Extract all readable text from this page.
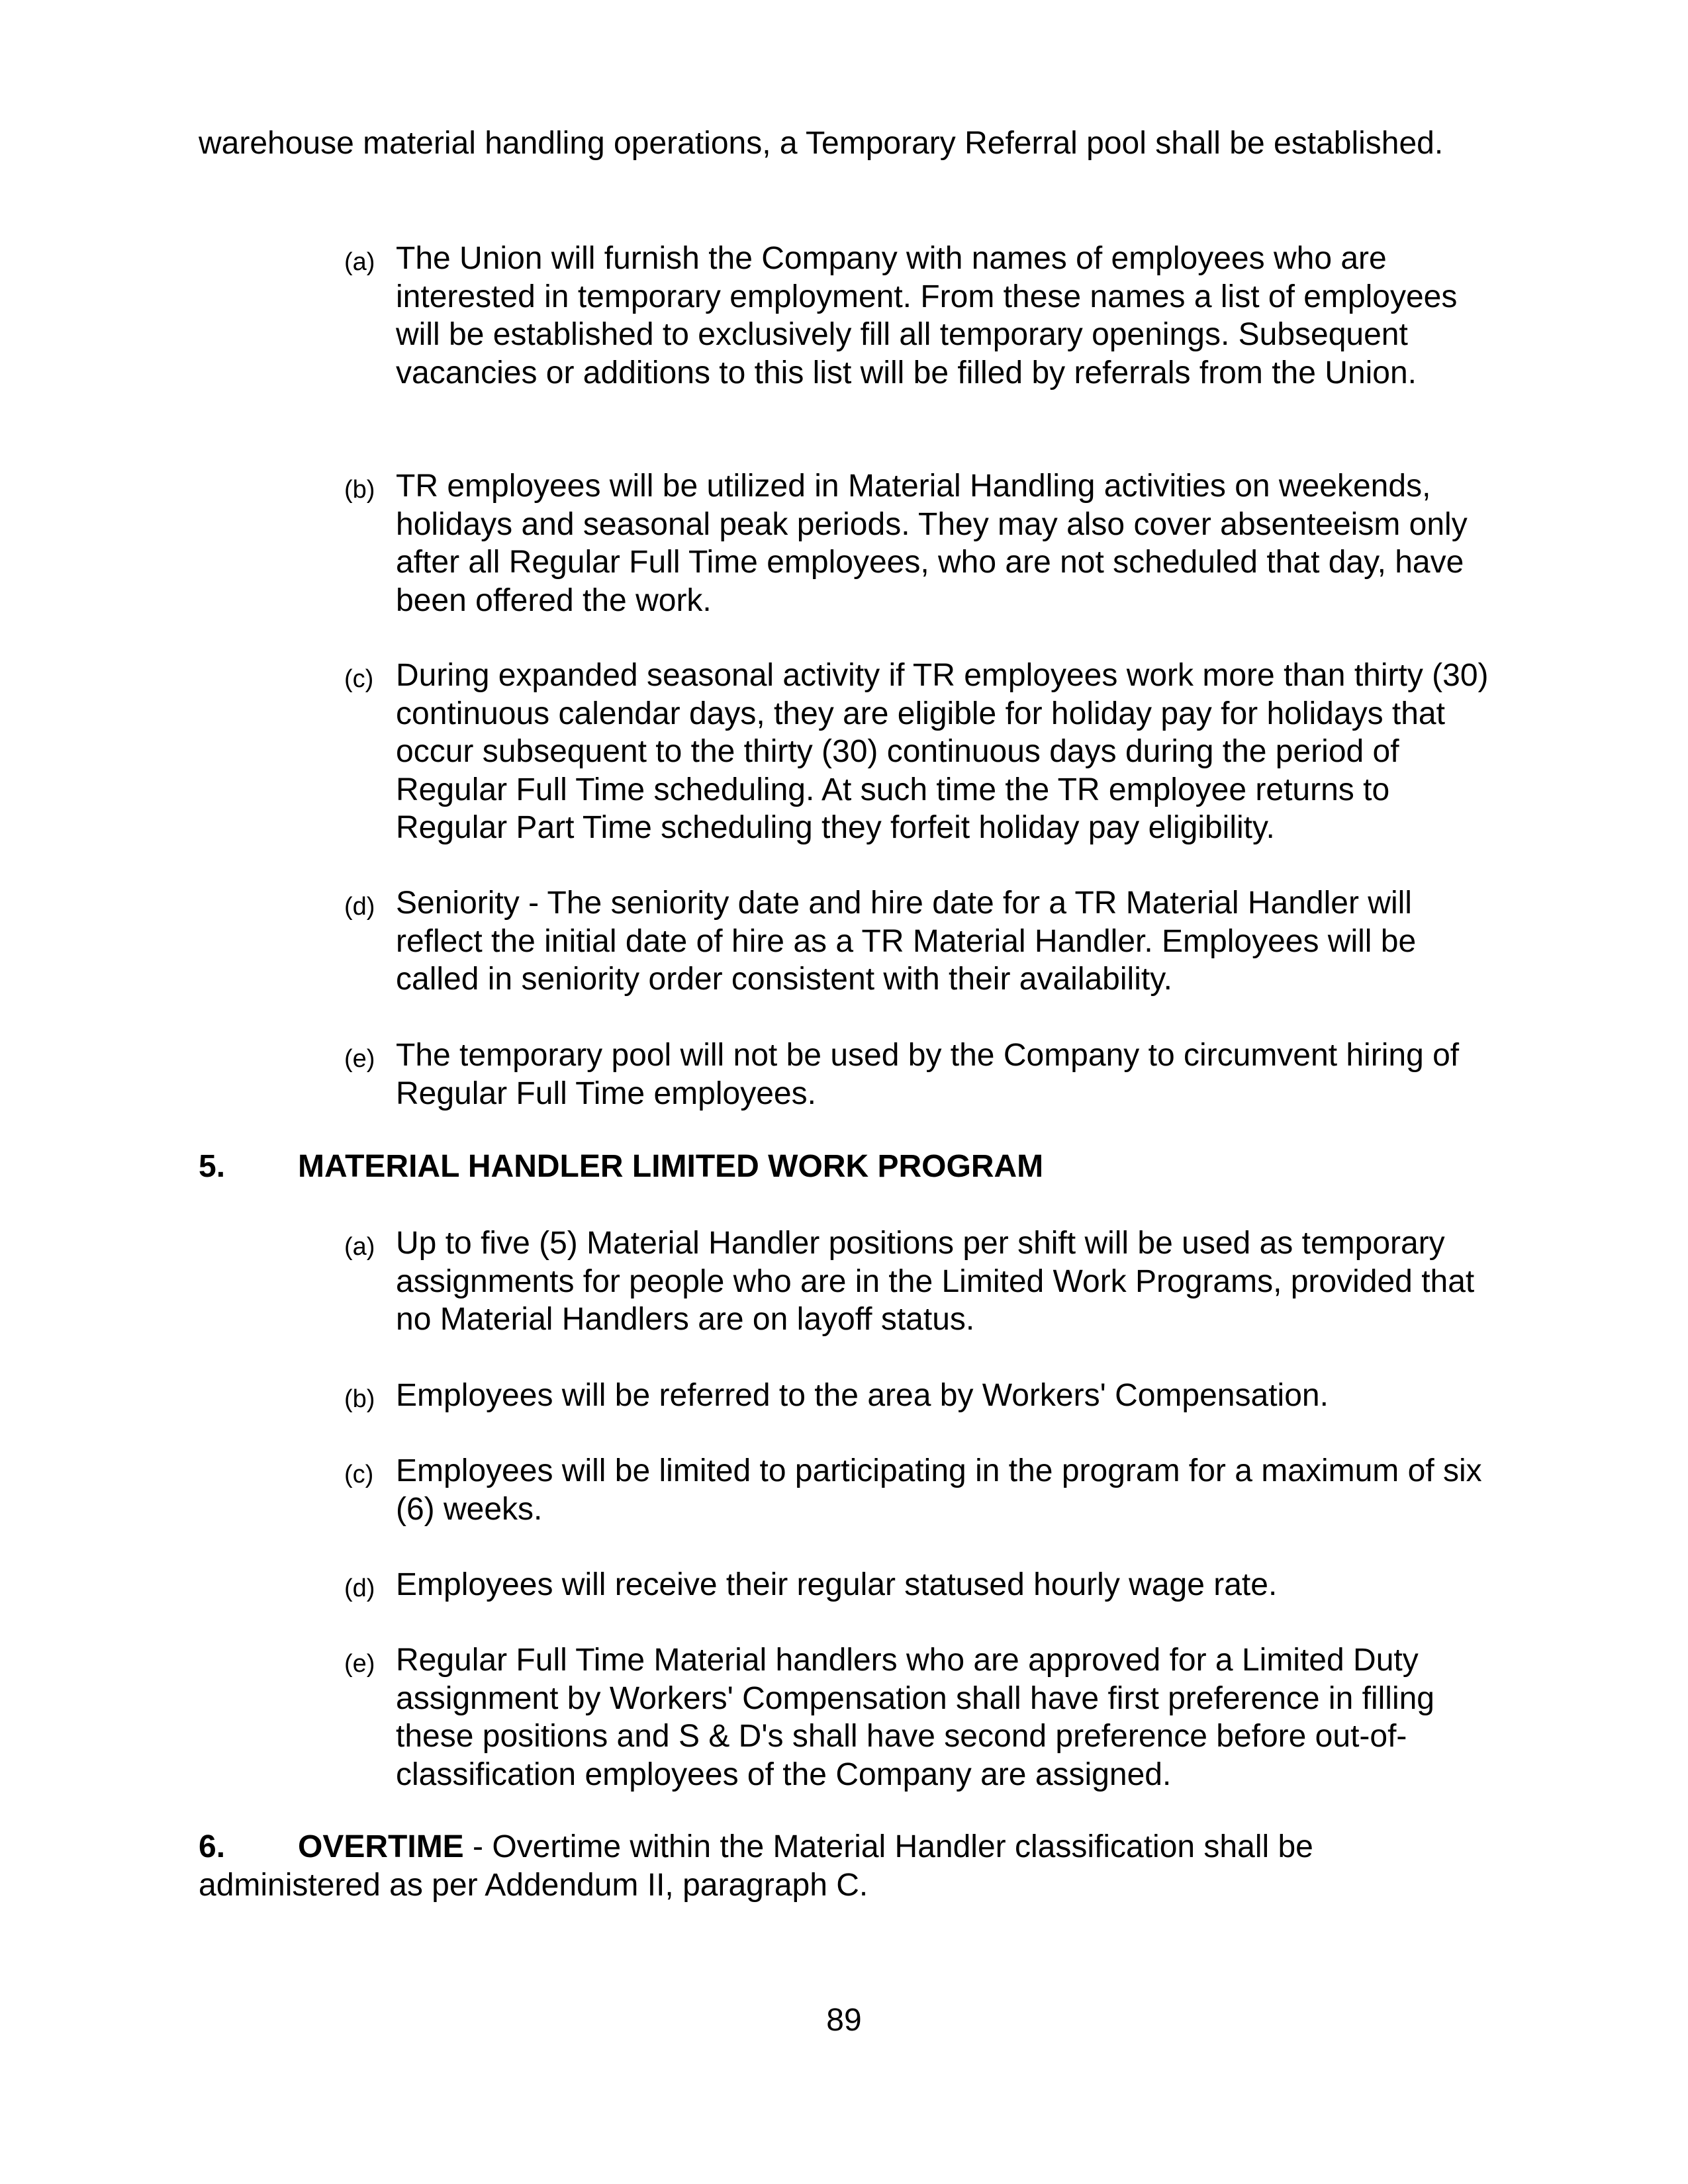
warehouse material handling operations, a Temporary Referral pool shall be established.
(a) The Union will furnish the Company with names of employees who are interested in temporary employment. From these names a list of employees will be established to exclusively fill all temporary openings. Subsequent vacancies or additions to this list will be filled by referrals from the Union.
(b) TR employees will be utilized in Material Handling activities on weekends, holidays and seasonal peak periods. They may also cover absenteeism only after all Regular Full Time employees, who are not scheduled that day, have been offered the work.
(c) During expanded seasonal activity if TR employees work more than thirty (30) continuous calendar days, they are eligible for holiday pay for holidays that occur subsequent to the thirty (30) continuous days during the period of Regular Full Time scheduling. At such time the TR employee returns to Regular Part Time scheduling they forfeit holiday pay eligibility.
(d) Seniority - The seniority date and hire date for a TR Material Handler will reflect the initial date of hire as a TR Material Handler. Employees will be called in seniority order consistent with their availability.
(e) The temporary pool will not be used by the Company to circumvent hiring of Regular Full Time employees.
5. MATERIAL HANDLER LIMITED WORK PROGRAM
(a) Up to five (5) Material Handler positions per shift will be used as temporary assignments for people who are in the Limited Work Programs, provided that no Material Handlers are on layoff status.
(b) Employees will be referred to the area by Workers' Compensation.
(c) Employees will be limited to participating in the program for a maximum of six (6) weeks.
(d) Employees will receive their regular statused hourly wage rate.
(e) Regular Full Time Material handlers who are approved for a Limited Duty assignment by Workers' Compensation shall have first preference in filling these positions and S & D's shall have second preference before out-of-classification employees of the Company are assigned.
6. OVERTIME - Overtime within the Material Handler classification shall be administered as per Addendum II, paragraph C.
89
